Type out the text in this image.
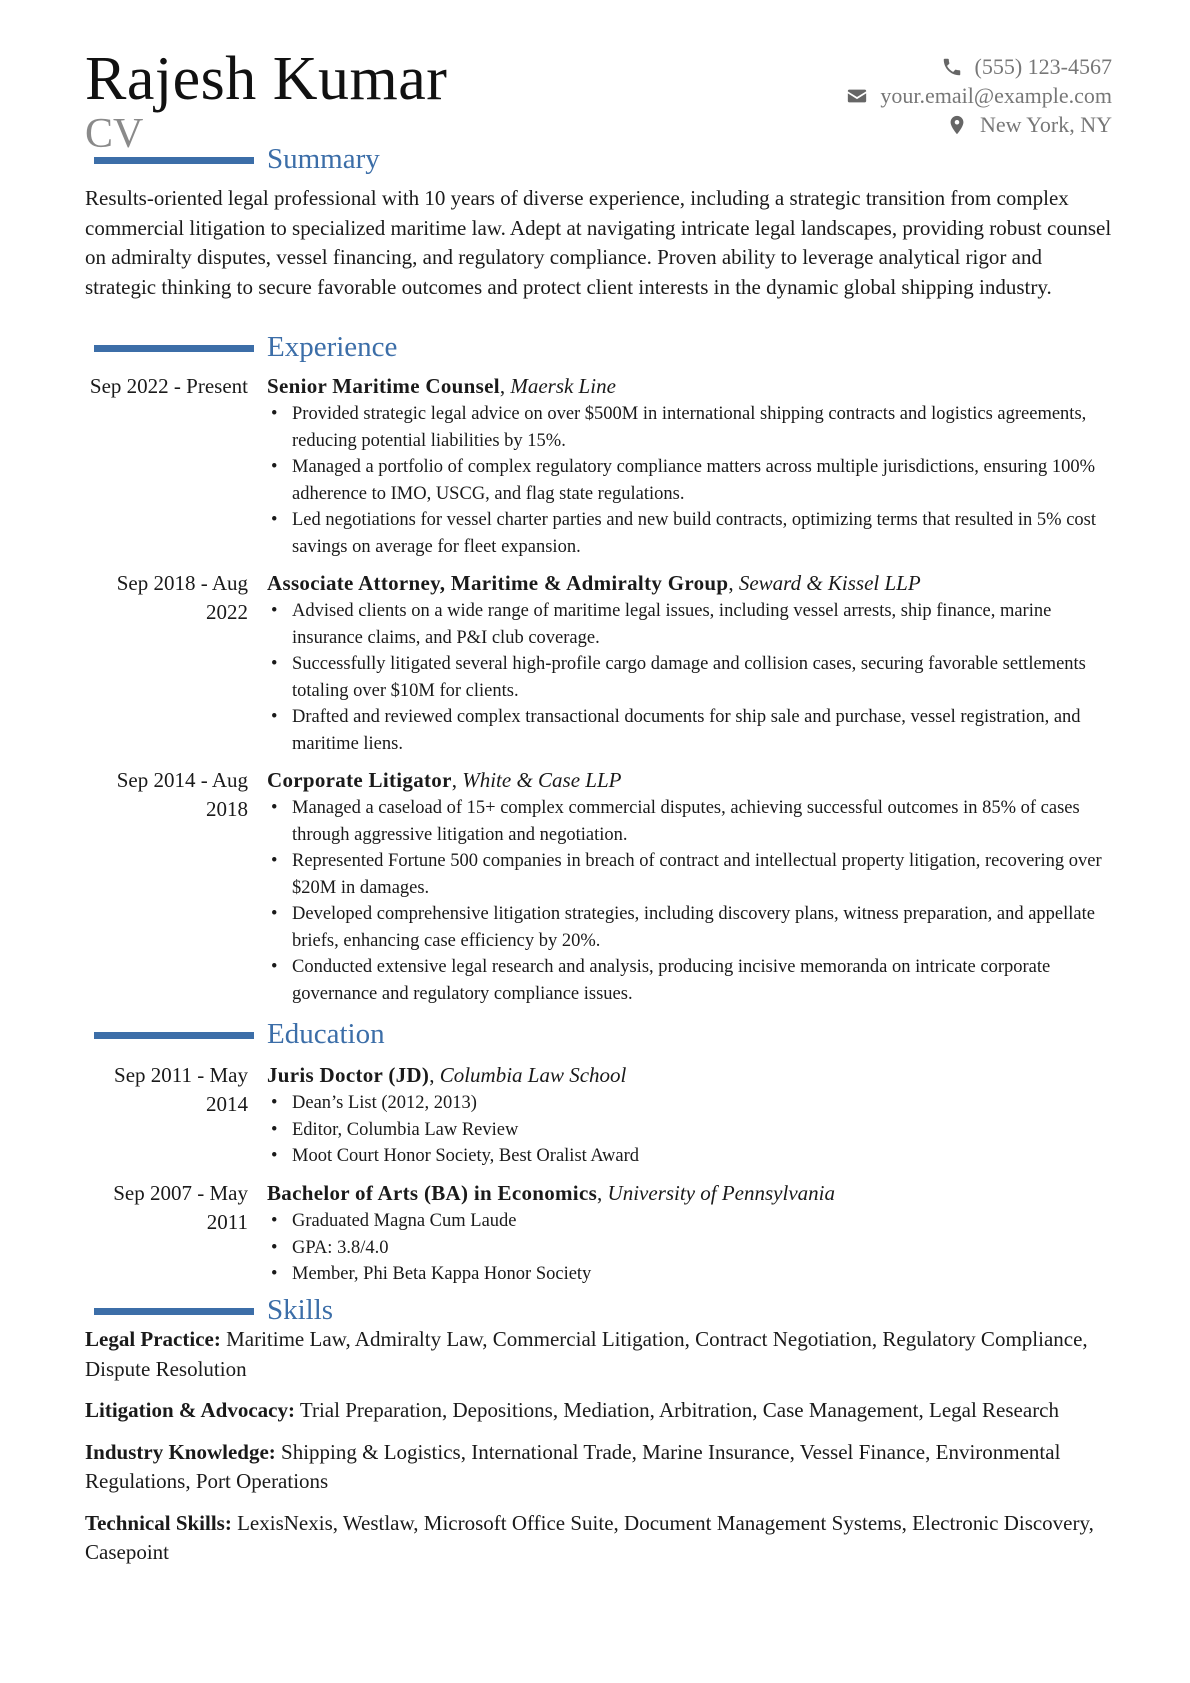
Rajesh Kumar
CV
(555) 123-4567
your.email@example.com
New York, NY
Summary

Results-oriented legal professional with 10 years of diverse experience, including a strategic transition from complex commercial litigation to specialized maritime law. Adept at navigating intricate legal landscapes, providing robust counsel on admiralty disputes, vessel financing, and regulatory compliance. Proven ability to leverage analytical rigor and strategic thinking to secure favorable outcomes and protect client interests in the dynamic global shipping industry.

Experience
Sep 2022 - Present Senior Maritime Counsel, Maersk Line
• Provided strategic legal advice on over $500M in international shipping contracts and logistics agreements, reducing potential liabilities by 15%.
• Managed a portfolio of complex regulatory compliance matters across multiple jurisdictions, ensuring 100% adherence to IMO, USCG, and flag state regulations.
• Led negotiations for vessel charter parties and new build contracts, optimizing terms that resulted in 5% cost savings on average for fleet expansion.
Sep 2018 - Aug 2022
Associate Attorney, Maritime & Admiralty Group, Seward & Kissel LLP
• Advised clients on a wide range of maritime legal issues, including vessel arrests, ship finance, marine insurance claims, and P&I club coverage.
• Successfully litigated several high-profile cargo damage and collision cases, securing favorable settlements totaling over $10M for clients.
• Drafted and reviewed complex transactional documents for ship sale and purchase, vessel registration, and maritime liens.
Sep 2014 - Aug 2018
Corporate Litigator, White & Case LLP
• Managed a caseload of 15+ complex commercial disputes, achieving successful outcomes in 85% of cases through aggressive litigation and negotiation.
• Represented Fortune 500 companies in breach of contract and intellectual property litigation, recovering over $20M in damages.
• Developed comprehensive litigation strategies, including discovery plans, witness preparation, and appellate briefs, enhancing case efficiency by 20%.
• Conducted extensive legal research and analysis, producing incisive memoranda on intricate corporate governance and regulatory compliance issues.
Education
Sep 2011 - May 2014
Juris Doctor (JD), Columbia Law School
• Dean’s List (2012, 2013)
• Editor, Columbia Law Review
• Moot Court Honor Society, Best Oralist Award
Sep 2007 - May 2011
Bachelor of Arts (BA) in Economics, University of Pennsylvania
• Graduated Magna Cum Laude
• GPA: 3.8/4.0
• Member, Phi Beta Kappa Honor Society
Skills

Legal Practice: Maritime Law, Admiralty Law, Commercial Litigation, Contract Negotiation, Regulatory Compliance, Dispute Resolution

Litigation & Advocacy: Trial Preparation, Depositions, Mediation, Arbitration, Case Management, Legal Research

Industry Knowledge: Shipping & Logistics, International Trade, Marine Insurance, Vessel Finance, Environmental Regulations, Port Operations

Technical Skills: LexisNexis, Westlaw, Microsoft Office Suite, Document Management Systems, Electronic Discovery, Casepoint
